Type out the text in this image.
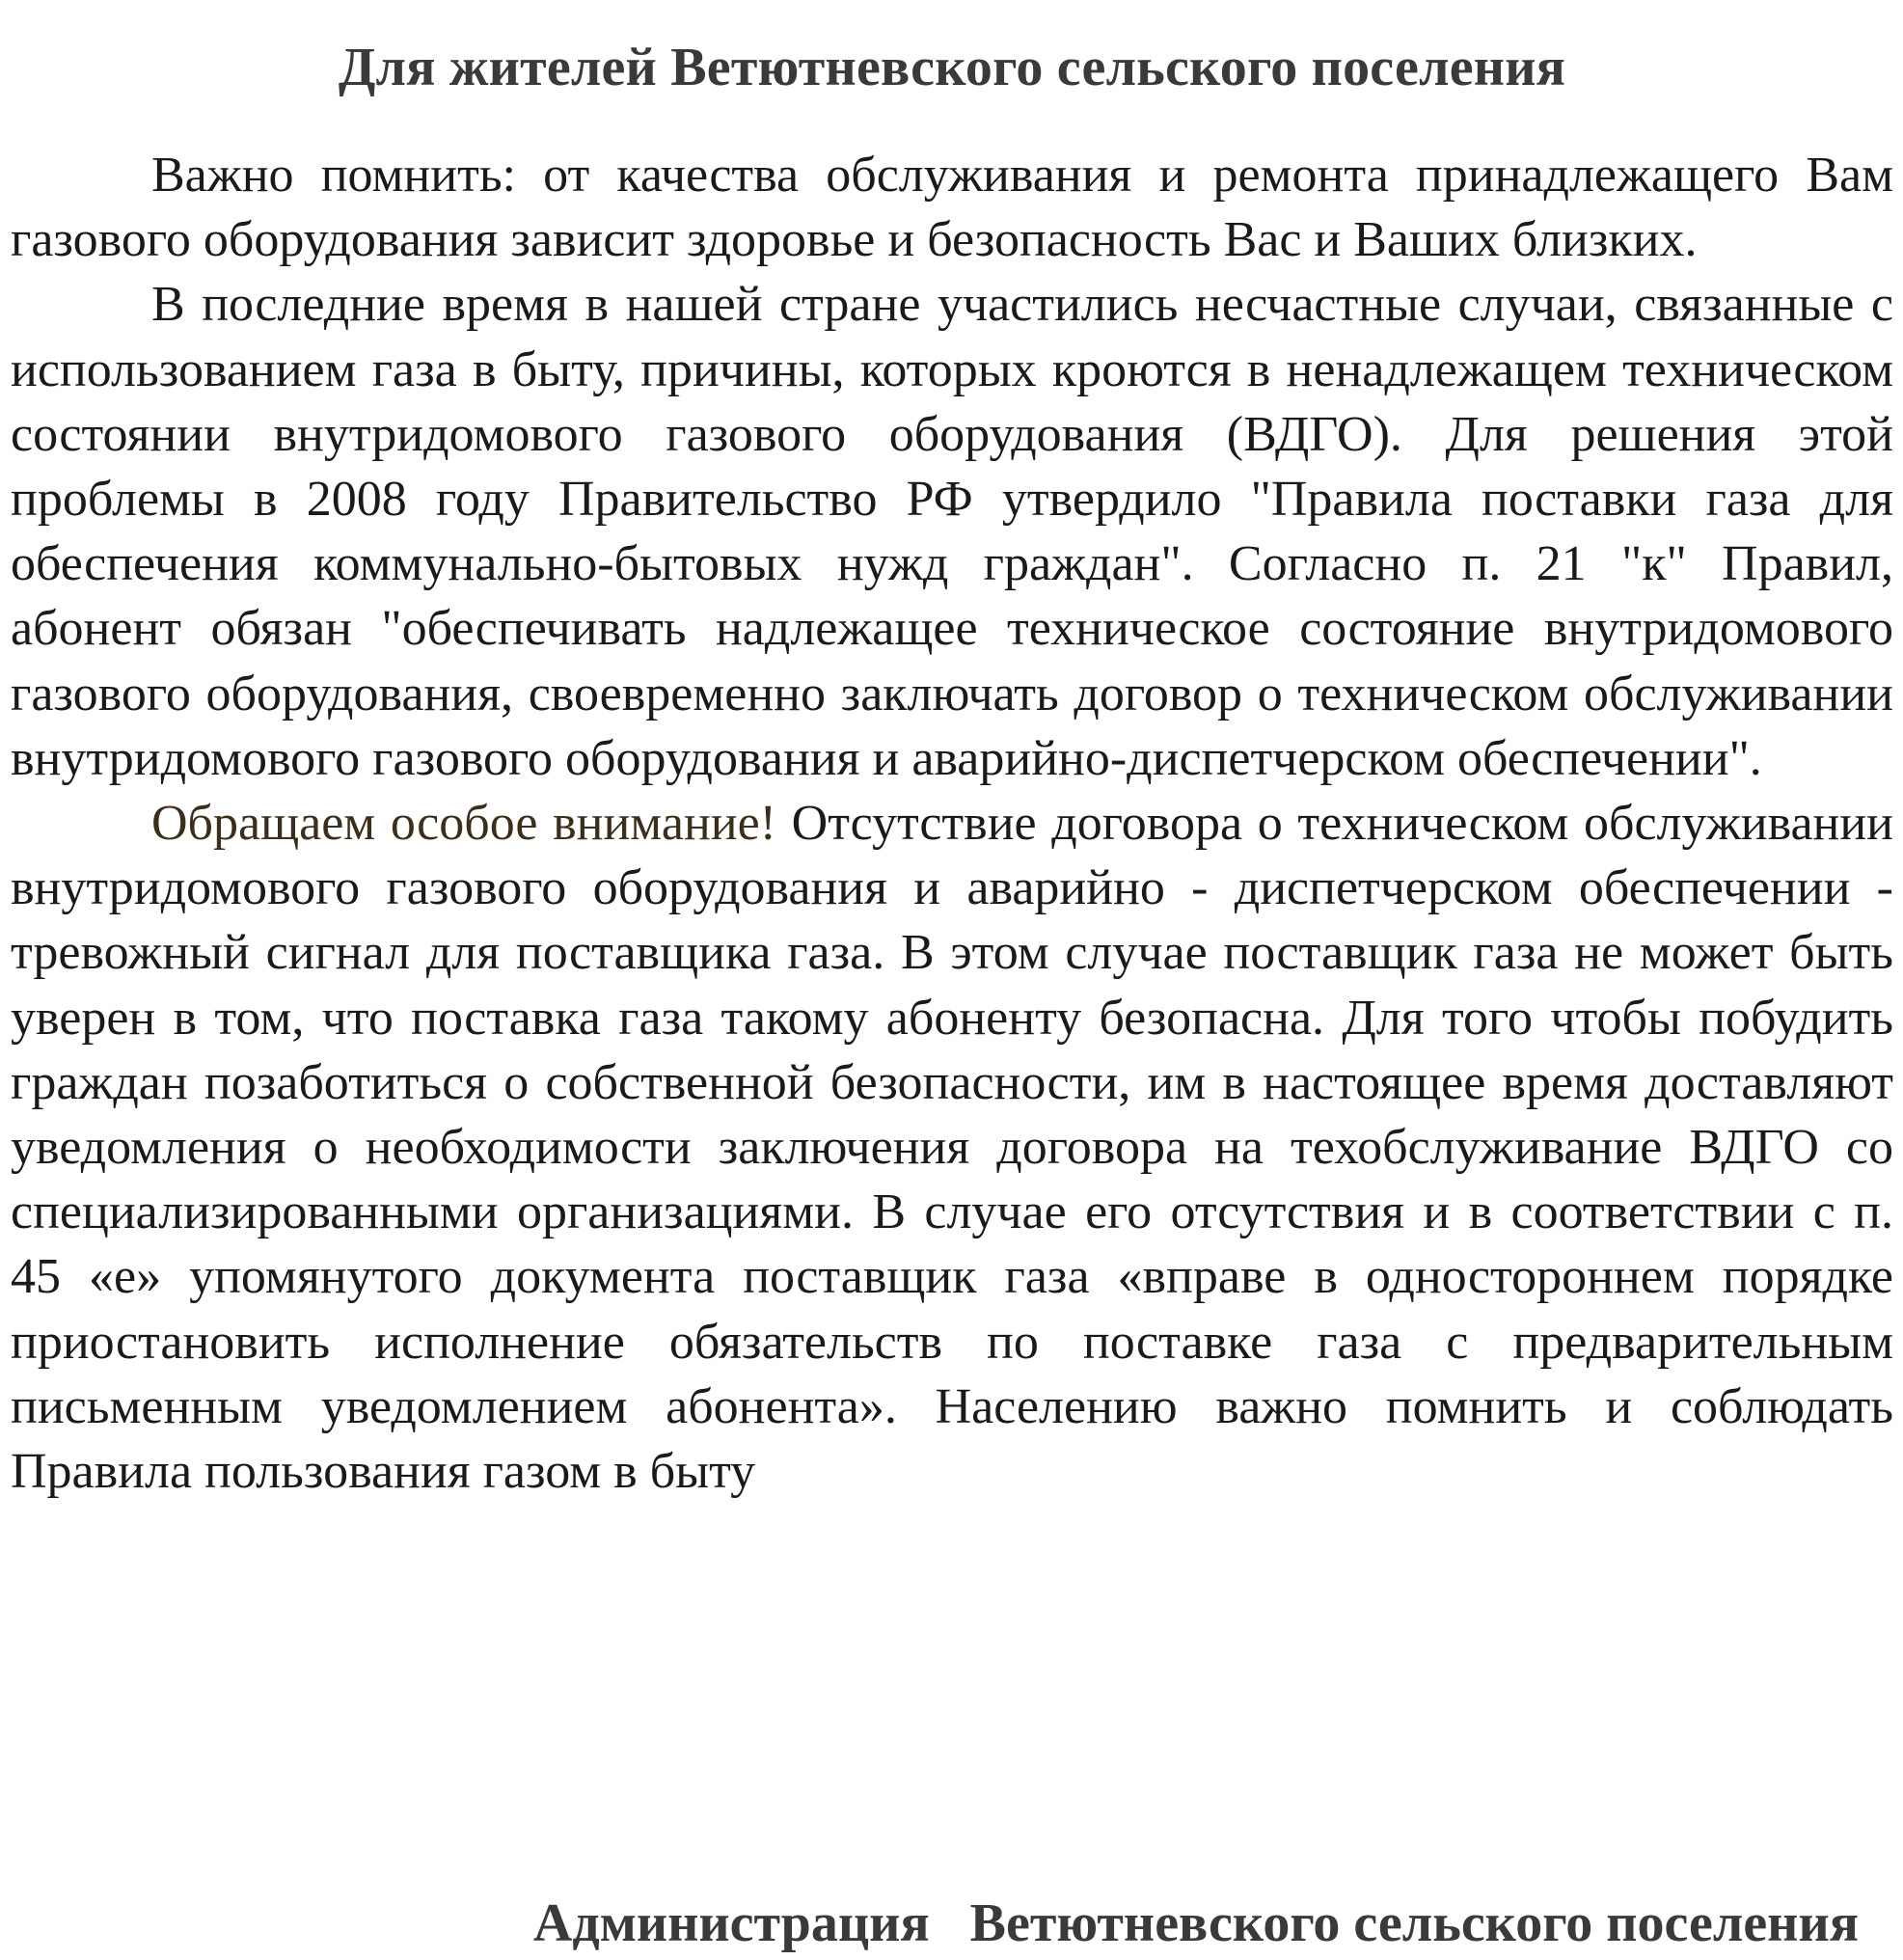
Для жителей Ветютневского сельского поселения

Важно помнить: от качества обслуживания и ремонта принадлежащего Вам газового оборудования зависит здоровье и безопасность Вас и Ваших близких.

В последние время в нашей стране участились несчастные случаи, связанные с использованием газа в быту, причины, которых кроются в ненадлежащем техническом состоянии внутридомового газового оборудования (ВДГО). Для решения этой проблемы в 2008 году Правительство РФ утвердило "Правила поставки газа для обеспечения коммунально-бытовых нужд граждан". Согласно п. 21 "к" Правил, абонент обязан "обеспечивать надлежащее техническое состояние внутридомового газового оборудования, своевременно заключать договор о техническом обслуживании внутридомового газового оборудования и аварийно-диспетчерском обеспечении".

Обращаем особое внимание! Отсутствие договора о техническом обслуживании внутридомового газового оборудования и аварийно - диспетчерском обеспечении - тревожный сигнал для поставщика газа. В этом случае поставщик газа не может быть уверен в том, что поставка газа такому абоненту безопасна. Для того чтобы побудить граждан позаботиться о собственной безопасности, им в настоящее время доставляют уведомления о необходимости заключения договора на техобслуживание ВДГО со специализированными организациями. В случае его отсутствия и в соответствии с п. 45 «е» упомянутого документа поставщик газа «вправе в одностороннем порядке приостановить исполнение обязательств по поставке газа с предварительным письменным уведомлением абонента». Населению важно помнить и соблюдать Правила пользования газом в быту

Администрация   Ветютневского сельского поселения
